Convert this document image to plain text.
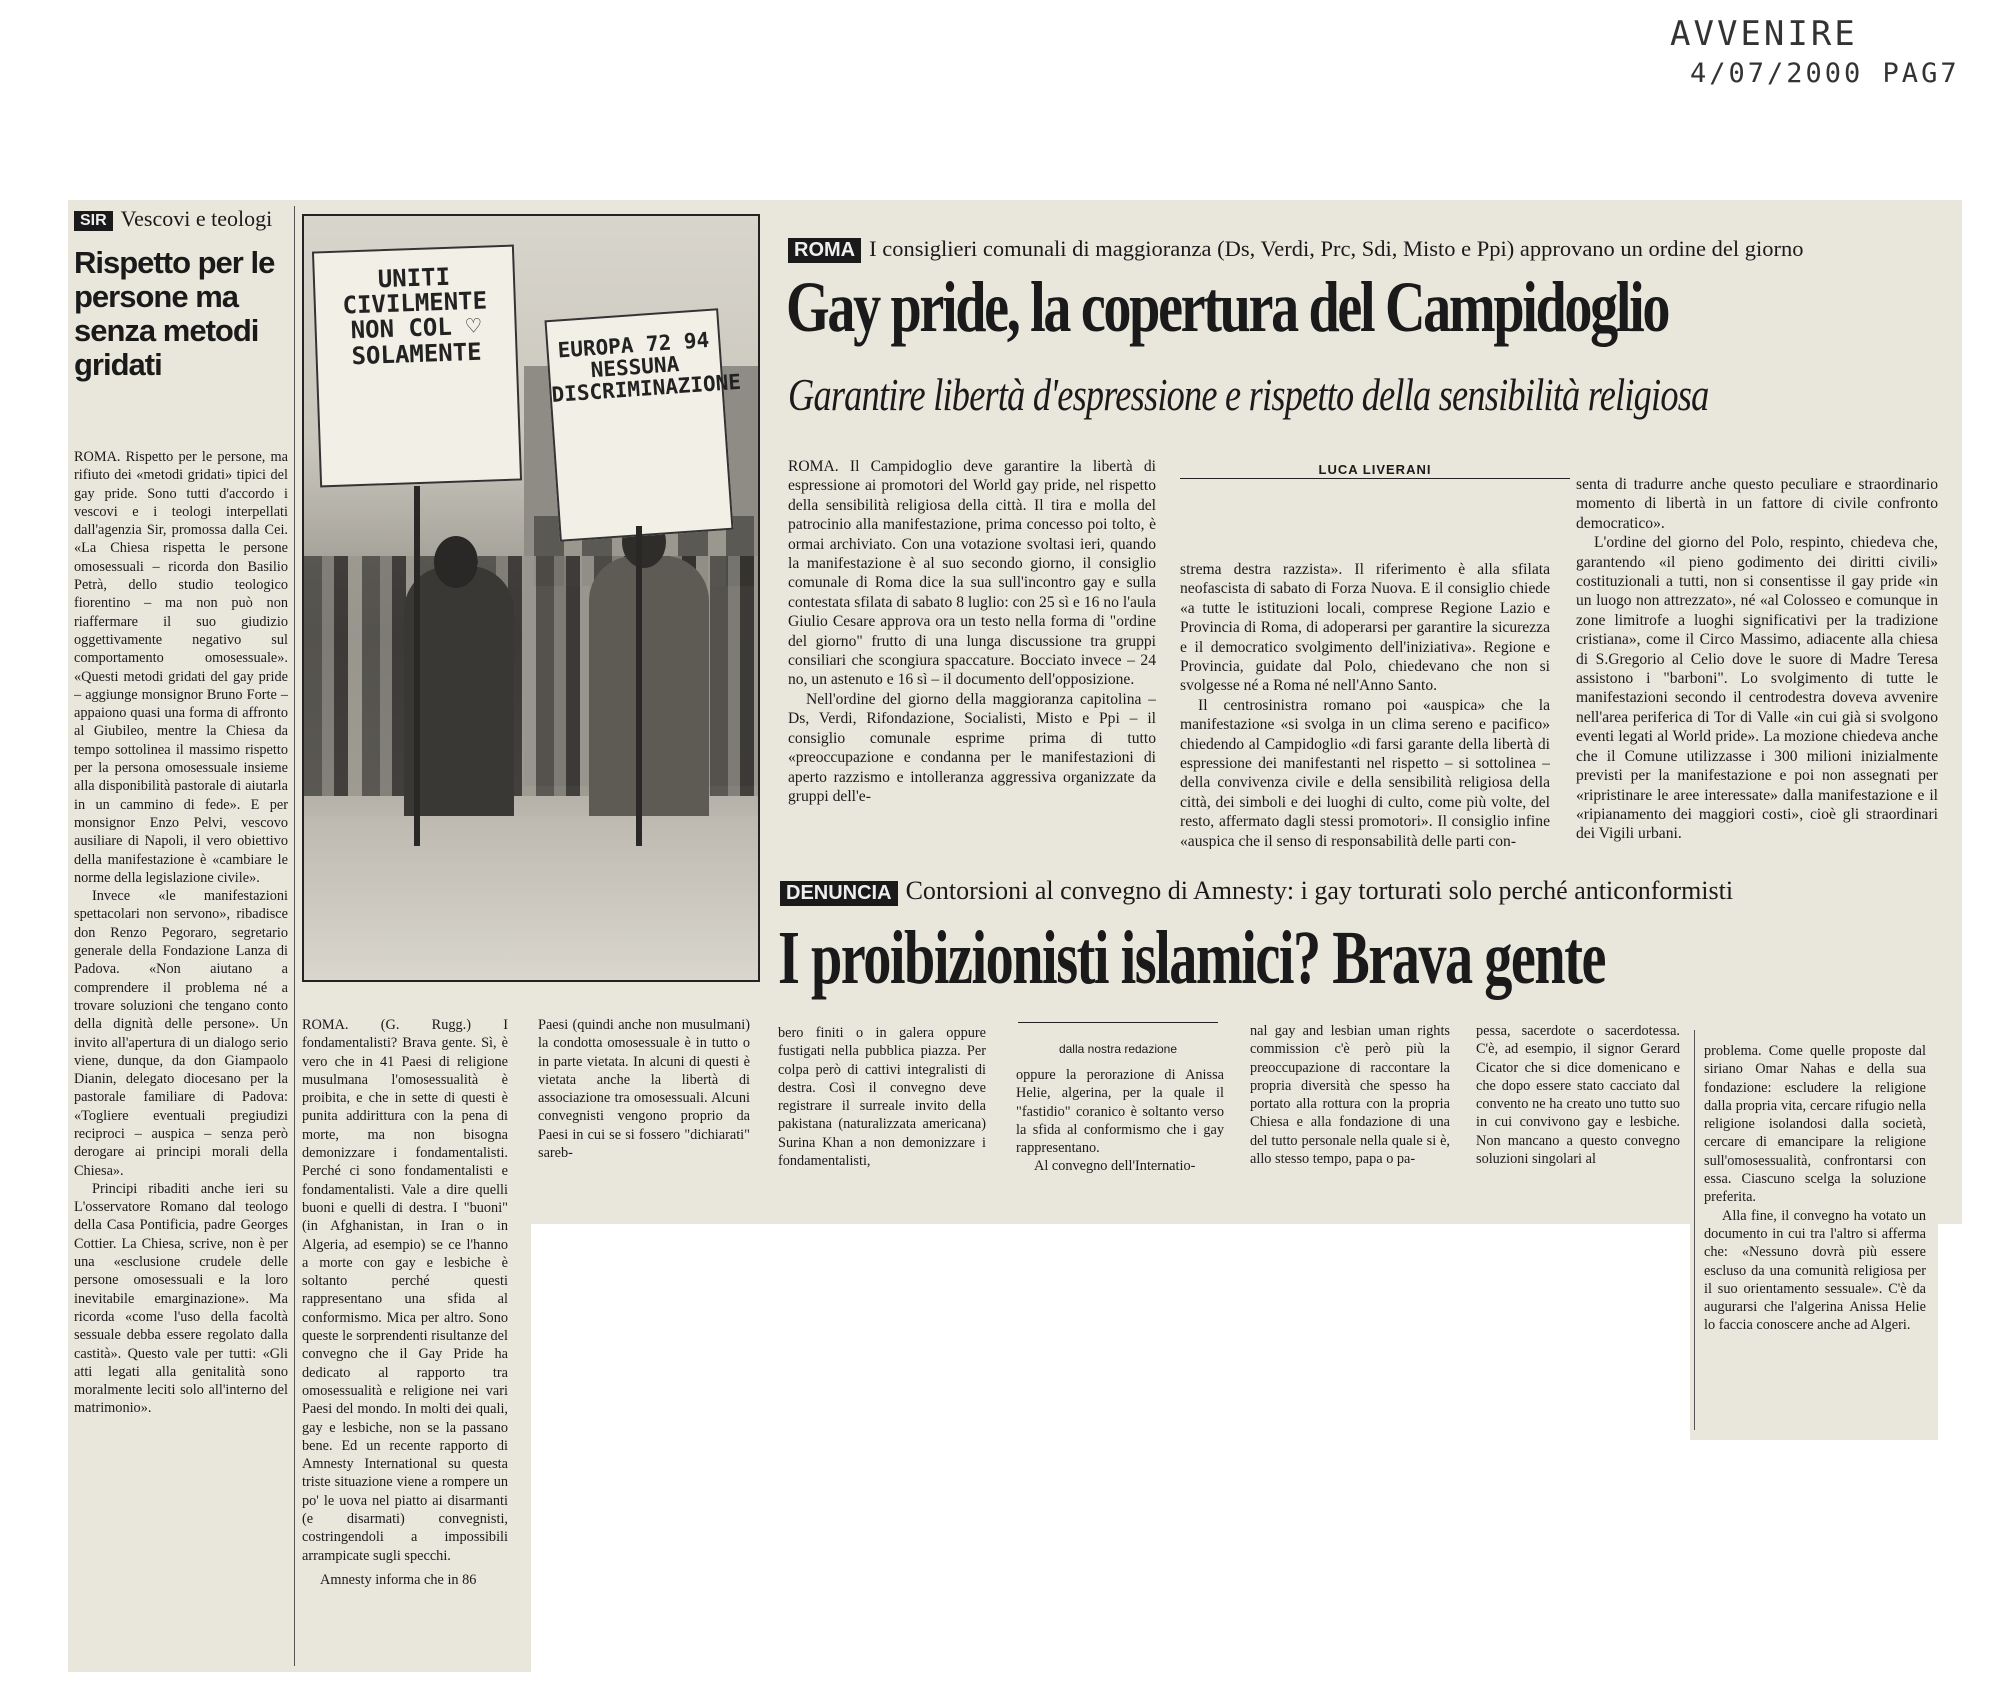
AVVENIRE
4/07/2000 PAG7
SIR Vescovi e teologi
Rispetto per le persone ma senza metodi gridati

ROMA. Rispetto per le persone, ma rifiuto dei «metodi gridati» tipici del gay pride. Sono tutti d'accordo i vescovi e i teologi interpellati dall'agenzia Sir, promossa dalla Cei. «La Chiesa rispetta le persone omosessuali – ricorda don Basilio Petrà, dello studio teologico fiorentino – ma non può non riaffermare il suo giudizio oggettivamente negativo sul comportamento omosessuale». «Questi metodi gridati del gay pride – aggiunge monsignor Bruno Forte – appaiono quasi una forma di affronto al Giubileo, mentre la Chiesa da tempo sottolinea il massimo rispetto per la persona omosessuale insieme alla disponibilità pastorale di aiutarla in un cammino di fede». E per monsignor Enzo Pelvi, vescovo ausiliare di Napoli, il vero obiettivo della manifestazione è «cambiare le norme della legislazione civile».

Invece «le manifestazioni spettacolari non servono», ribadisce don Renzo Pegoraro, segretario generale della Fondazione Lanza di Padova. «Non aiutano a comprendere il problema né a trovare soluzioni che tengano conto della dignità delle persone». Un invito all'apertura di un dialogo serio viene, dunque, da don Giampaolo Dianin, delegato diocesano per la pastorale familiare di Padova: «Togliere eventuali pregiudizi reciproci – auspica – senza però derogare ai principi morali della Chiesa».

Principi ribaditi anche ieri su L'osservatore Romano dal teologo della Casa Pontificia, padre Georges Cottier. La Chiesa, scrive, non è per una «esclusione crudele delle persone omosessuali e la loro inevitabile emarginazione». Ma ricorda «come l'uso della facoltà sessuale debba essere regolato dalla castità». Questo vale per tutti: «Gli atti legati alla genitalità sono moralmente leciti solo all'interno del matrimonio».

UNITI CIVILMENTE
NON COL ♡ SOLAMENTE	EUROPA 72 94
NESSUNA DISCRIMINAZIONE
ROMA I consiglieri comunali di maggioranza (Ds, Verdi, Prc, Sdi, Misto e Ppi) approvano un ordine del giorno
Gay pride, la copertura del Campidoglio
Garantire libertà d'espressione e rispetto della sensibilità religiosa
LUCA LIVERANI

ROMA. Il Campidoglio deve garantire la libertà di espressione ai promotori del World gay pride, nel rispetto della sensibilità religiosa della città. Il tira e molla del patrocinio alla manifestazione, prima concesso poi tolto, è ormai archiviato. Con una votazione svoltasi ieri, quando la manifestazione è al suo secondo giorno, il consiglio comunale di Roma dice la sua sull'incontro gay e sulla contestata sfilata di sabato 8 luglio: con 25 sì e 16 no l'aula Giulio Cesare approva ora un testo nella forma di "ordine del giorno" frutto di una lunga discussione tra gruppi consiliari che scongiura spaccature. Bocciato invece – 24 no, un astenuto e 16 sì – il documento dell'opposizione.

Nell'ordine del giorno della maggioranza capitolina – Ds, Verdi, Rifondazione, Socialisti, Misto e Ppi – il consiglio comunale esprime prima di tutto «preoccupazione e condanna per le manifestazioni di aperto razzismo e intolleranza aggressiva organizzate da gruppi dell'e-

strema destra razzista». Il riferimento è alla sfilata neofascista di sabato di Forza Nuova. E il consiglio chiede «a tutte le istituzioni locali, comprese Regione Lazio e Provincia di Roma, di adoperarsi per garantire la sicurezza e il democratico svolgimento dell'iniziativa». Regione e Provincia, guidate dal Polo, chiedevano che non si svolgesse né a Roma né nell'Anno Santo.

Il centrosinistra romano poi «auspica» che la manifestazione «si svolga in un clima sereno e pacifico» chiedendo al Campidoglio «di farsi garante della libertà di espressione dei manifestanti nel rispetto – si sottolinea – della convivenza civile e della sensibilità religiosa della città, dei simboli e dei luoghi di culto, come più volte, del resto, affermato dagli stessi promotori». Il consiglio infine «auspica che il senso di responsabilità delle parti con-

senta di tradurre anche questo peculiare e straordinario momento di libertà in un fattore di civile confronto democratico».

L'ordine del giorno del Polo, respinto, chiedeva che, garantendo «il pieno godimento dei diritti civili» costituzionali a tutti, non si consentisse il gay pride «in un luogo non attrezzato», né «al Colosseo e comunque in zone limitrofe a luoghi significativi per la tradizione cristiana», come il Circo Massimo, adiacente alla chiesa di S.Gregorio al Celio dove le suore di Madre Teresa assistono i "barboni". Lo svolgimento di tutte le manifestazioni secondo il centrodestra doveva avvenire nell'area periferica di Tor di Valle «in cui già si svolgono eventi legati al World pride». La mozione chiedeva anche che il Comune utilizzasse i 300 milioni inizialmente previsti per la manifestazione e poi non assegnati per «ripristinare le aree interessate» dalla manifestazione e il «ripianamento dei maggiori costi», cioè gli straordinari dei Vigili urbani.

DENUNCIA Contorsioni al convegno di Amnesty: i gay torturati solo perché anticonformisti
I proibizionisti islamici? Brava gente

ROMA. (G. Rugg.) I fondamentalisti? Brava gente. Sì, è vero che in 41 Paesi di religione musulmana l'omosessualità è proibita, e che in sette di questi è punita addirittura con la pena di morte, ma non bisogna demonizzare i fondamentalisti. Perché ci sono fondamentalisti e fondamentalisti. Vale a dire quelli buoni e quelli di destra. I "buoni" (in Afghanistan, in Iran o in Algeria, ad esempio) se ce l'hanno a morte con gay e lesbiche è soltanto perché questi rappresentano una sfida al conformismo. Mica per altro. Sono queste le sorprendenti risultanze del convegno che il Gay Pride ha dedicato al rapporto tra omosessualità e religione nei vari Paesi del mondo. In molti dei quali, gay e lesbiche, non se la passano bene. Ed un recente rapporto di Amnesty International su questa triste situazione viene a rompere un po' le uova nel piatto ai disarmanti (e disarmati) convegnisti, costringendoli a impossibili arrampicate sugli specchi.

Amnesty informa che in 86

Paesi (quindi anche non musulmani) la condotta omosessuale è in tutto o in parte vietata. In alcuni di questi è vietata anche la libertà di associazione tra omosessuali. Alcuni convegnisti vengono proprio da Paesi in cui se si fossero "dichiarati" sareb-

bero finiti o in galera oppure fustigati nella pubblica piazza. Per colpa però di cattivi integralisti di destra. Così il convegno deve registrare il surreale invito della pakistana (naturalizzata americana) Surina Khan a non demonizzare i fondamentalisti,

dalla nostra redazione

oppure la perorazione di Anissa Helie, algerina, per la quale il "fastidio" coranico è soltanto verso la sfida al conformismo che i gay rappresentano.

Al convegno dell'Internatio-

nal gay and lesbian uman rights commission c'è però più la preoccupazione di raccontare la propria diversità che spesso ha portato alla rottura con la propria Chiesa e alla fondazione di una del tutto personale nella quale si è, allo stesso tempo, papa o pa-

pessa, sacerdote o sacerdotessa. C'è, ad esempio, il signor Gerard Cicator che si dice domenicano e che dopo essere stato cacciato dal convento ne ha creato uno tutto suo in cui convivono gay e lesbiche. Non mancano a questo convegno soluzioni singolari al

problema. Come quelle proposte dal siriano Omar Nahas e della sua fondazione: escludere la religione dalla propria vita, cercare rifugio nella religione isolandosi dalla società, cercare di emancipare la religione sull'omosessualità, confrontarsi con essa. Ciascuno scelga la soluzione preferita.

Alla fine, il convegno ha votato un documento in cui tra l'altro si afferma che: «Nessuno dovrà più essere escluso da una comunità religiosa per il suo orientamento sessuale». C'è da augurarsi che l'algerina Anissa Helie lo faccia conoscere anche ad Algeri.
